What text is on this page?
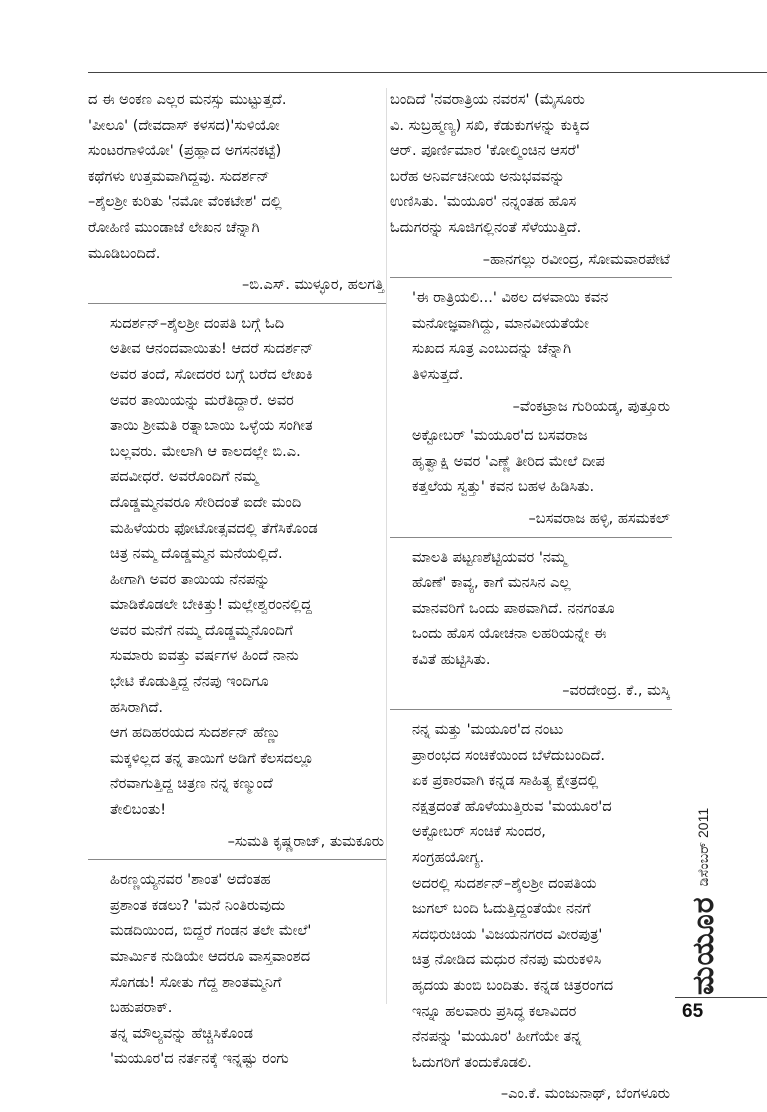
ದ ಈ ಅಂಕಣ ಎಲ್ಲರ ಮನಸ್ಸು ಮುಟ್ಟುತ್ತದೆ.
'ಪೀಲೂ' (ದೇವದಾಸ್ ಕಳಸದ)'ಸುಳಿಯೋ
ಸುಂಟರಗಾಳಿಯೋ' (ಪ್ರಹ್ಲಾದ ಅಗಸನಕಟ್ಟೆ)
ಕಥೆಗಳು ಉತ್ತಮವಾಗಿದ್ದವು. ಸುದರ್ಶನ್
–ಶೈಲಶ್ರೀ ಕುರಿತು 'ನಮೋ ವೆಂಕಟೇಶ' ದಲ್ಲಿ
ರೋಹಿಣಿ ಮುಂಡಾಜೆ ಲೇಖನ ಚೆನ್ನಾಗಿ
ಮೂಡಿಬಂದಿದೆ.

–ಬಿ.ಎಸ್. ಮುಳ್ಳೂರ, ಹಲಗತ್ತಿ

ಸುದರ್ಶನ್–ಶೈಲಶ್ರೀ ದಂಪತಿ ಬಗ್ಗೆ ಓದಿ
ಅತೀವ ಆನಂದವಾಯಿತು! ಆದರೆ ಸುದರ್ಶನ್
ಅವರ ತಂದೆ, ಸೋದರರ ಬಗ್ಗೆ ಬರೆದ ಲೇಖಕಿ
ಅವರ ತಾಯಿಯನ್ನು ಮರೆತಿದ್ದಾರೆ. ಅವರ
ತಾಯಿ ಶ್ರೀಮತಿ ರತ್ನಾಬಾಯಿ ಒಳ್ಳೆಯ ಸಂಗೀತ
ಬಲ್ಲವರು. ಮೇಲಾಗಿ ಆ ಕಾಲದಲ್ಲೇ ಬಿ.ಎ.
ಪದವೀಧರೆ. ಅವರೊಂದಿಗೆ ನಮ್ಮ
ದೊಡ್ಡಮ್ಮನವರೂ ಸೇರಿದಂತೆ ಐದೇ ಮಂದಿ
ಮಹಿಳೆಯರು ಫೋಟೋತ್ಸವದಲ್ಲಿ ತೆಗೆಸಿಕೊಂಡ
ಚಿತ್ರ ನಮ್ಮ ದೊಡ್ಡಮ್ಮನ ಮನೆಯಲ್ಲಿದೆ.
ಹೀಗಾಗಿ ಅವರ ತಾಯಿಯ ನೆನಪನ್ನು
ಮಾಡಿಕೊಡಲೇ ಬೇಕಿತ್ತು! ಮಲ್ಲೇಶ್ವರಂನಲ್ಲಿದ್ದ
ಅವರ ಮನೆಗೆ ನಮ್ಮ ದೊಡ್ಡಮ್ಮನೊಂದಿಗೆ
ಸುಮಾರು ಐವತ್ತು ವರ್ಷಗಳ ಹಿಂದೆ ನಾನು
ಭೇಟಿ ಕೊಡುತ್ತಿದ್ದ ನೆನಪು ಇಂದಿಗೂ
ಹಸಿರಾಗಿದೆ.

ಆಗ ಹದಿಹರಯದ ಸುದರ್ಶನ್ ಹೆಣ್ಣು
ಮಕ್ಕಳಿಲ್ಲದ ತನ್ನ ತಾಯಿಗೆ ಅಡಿಗೆ ಕೆಲಸದಲ್ಲೂ
ನೆರವಾಗುತ್ತಿದ್ದ ಚಿತ್ರಣ ನನ್ನ ಕಣ್ಮುಂದೆ
ತೇಲಿಬಂತು!

–ಸುಮತಿ ಕೃಷ್ಣರಾಜ್, ತುಮಕೂರು

ಹಿರಣ್ಣಯ್ಯನವರ 'ಶಾಂತ' ಅದೆಂತಹ
ಪ್ರಶಾಂತ ಕಡಲು? 'ಮನೆ ನಿಂತಿರುವುದು
ಮಡದಿಯಿಂದ, ಬಿದ್ದರೆ ಗಂಡನ ತಲೇ ಮೇಲೆ'
ಮಾರ್ಮಿಕ ನುಡಿಯೇ ಆದರೂ ವಾಸ್ತವಾಂಶದ
ಸೊಗಡು! ಸೋತು ಗೆದ್ದ ಶಾಂತಮ್ಮನಿಗೆ
ಬಹುಪರಾಕ್.

ತನ್ನ ಮೌಲ್ಯವನ್ನು ಹೆಚ್ಚಿಸಿಕೊಂಡ
'ಮಯೂರ'ದ ನರ್ತನಕ್ಕೆ ಇನ್ನಷ್ಟು ರಂಗು

ಬಂದಿದೆ 'ನವರಾತ್ರಿಯ ನವರಸ' (ಮೈಸೂರು
ವಿ. ಸುಬ್ರಹ್ಮಣ್ಯ) ಸಖಿ, ಕೆಡುಕುಗಳನ್ನು ಕುಕ್ಕಿದ
ಆರ್. ಪೂರ್ಣಿಮಾರ 'ಕೋಲ್ಮಿಂಚಿನ ಆಸರೆ'
ಬರೆಹ ಅನಿರ್ವಚನೀಯ ಅನುಭವವನ್ನು
ಉಣಿಸಿತು. 'ಮಯೂರ' ನನ್ನಂತಹ ಹೊಸ
ಓದುಗರನ್ನು ಸೂಜಿಗಲ್ಲಿನಂತೆ ಸೆಳೆಯುತ್ತಿದೆ.

–ಹಾನಗಲ್ಲು ರವೀಂದ್ರ, ಸೋಮವಾರಪೇಟೆ

'ಈ ರಾತ್ರಿಯಲಿ...' ವಿಠಲ ದಳವಾಯಿ ಕವನ
ಮನೋಜ್ಞವಾಗಿದ್ದು, ಮಾನವೀಯತೆಯೇ
ಸುಖದ ಸೂತ್ರ ಎಂಬುದನ್ನು ಚೆನ್ನಾಗಿ
ತಿಳಿಸುತ್ತದೆ.

–ವೆಂಕಟ್ರಾಜ ಗುರಿಯಡ್ಕ, ಪುತ್ತೂರು

ಅಕ್ಟೋಬರ್ 'ಮಯೂರ'ದ ಬಸವರಾಜ
ಹೃತ್ವಾಕ್ಷಿ ಅವರ 'ಎಣ್ಣೆ ತೀರಿದ ಮೇಲೆ ದೀಪ
ಕತ್ತಲೆಯ ಸ್ವತ್ತು' ಕವನ ಬಹಳ ಹಿಡಿಸಿತು.

–ಬಸವರಾಜ ಹಳ್ಳಿ, ಹಸಮಕಲ್

ಮಾಲತಿ ಪಟ್ಟಣಶೆಟ್ಟಿಯವರ 'ನಮ್ಮ
ಹೊಣೆ' ಕಾವ್ಯ, ಕಾಗೆ ಮನಸಿನ ಎಲ್ಲ
ಮಾನವರಿಗೆ ಒಂದು ಪಾಠವಾಗಿದೆ. ನನಗಂತೂ
ಒಂದು ಹೊಸ ಯೋಚನಾ ಲಹರಿಯನ್ನೇ ಈ
ಕವಿತೆ ಹುಟ್ಟಿಸಿತು.

–ವರದೇಂದ್ರ. ಕೆ., ಮಸ್ಕಿ

ನನ್ನ ಮತ್ತು 'ಮಯೂರ'ದ ನಂಟು
ಪ್ರಾರಂಭದ ಸಂಚಿಕೆಯಿಂದ ಬೆಳೆದುಬಂದಿದೆ.
ಏಕ ಪ್ರಕಾರವಾಗಿ ಕನ್ನಡ ಸಾಹಿತ್ಯ ಕ್ಷೇತ್ರದಲ್ಲಿ
ನಕ್ಷತ್ರದಂತೆ ಹೊಳೆಯುತ್ತಿರುವ 'ಮಯೂರ'ದ
ಅಕ್ಟೋಬರ್ ಸಂಚಿಕೆ ಸುಂದರ,
ಸಂಗ್ರಹಯೋಗ್ಯ.

ಅದರಲ್ಲಿ ಸುದರ್ಶನ್–ಶೈಲಶ್ರೀ ದಂಪತಿಯ
ಜುಗಲ್ ಬಂದಿ ಓದುತ್ತಿದ್ದಂತೆಯೇ ನನಗೆ
ಸದಭಿರುಚಿಯ 'ವಿಜಯನಗರದ ವೀರಪುತ್ರ'
ಚಿತ್ರ ನೋಡಿದ ಮಧುರ ನೆನಪು ಮರುಕಳಿಸಿ
ಹೃದಯ ತುಂಬಿ ಬಂದಿತು. ಕನ್ನಡ ಚಿತ್ರರಂಗದ
ಇನ್ನೂ ಹಲವಾರು ಪ್ರಸಿದ್ಧ ಕಲಾವಿದರ
ನೆನಪನ್ನು 'ಮಯೂರ' ಹೀಗೆಯೇ ತನ್ನ
ಓದುಗರಿಗೆ ತಂದುಕೊಡಲಿ.

–ಎಂ.ಕೆ. ಮಂಜುನಾಥ್, ಬೆಂಗಳೂರು
ಮಯೂರ
ಡಿಸೆಂಬರ್ 2011
65
